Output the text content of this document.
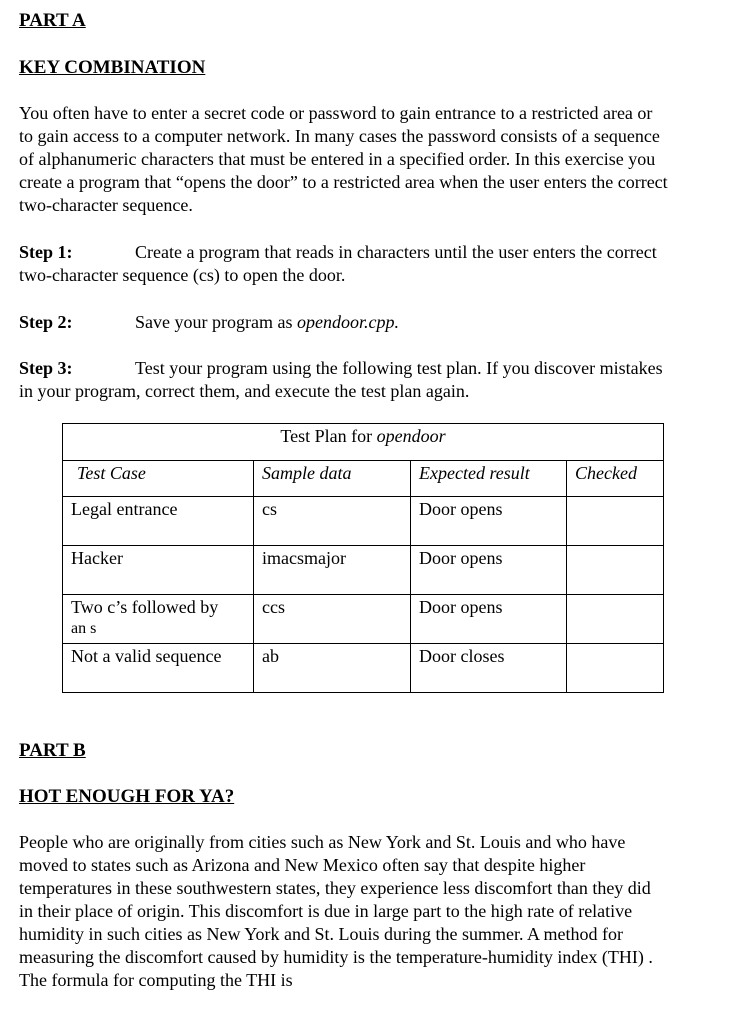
PART A
KEY COMBINATION
You often have to enter a secret code or password to gain entrance to a restricted area or
to gain access to a computer network. In many cases the password consists of a sequence
of alphanumeric characters that must be entered in a specified order. In this exercise you
create a program that “opens the door” to a restricted area when the user enters the correct
two-character sequence.
Step 1:	Create a program that reads in characters until the user enters the correct
two-character sequence (cs) to open the door.
Step 2:	Save your program as opendoor.cpp.
Step 3:	Test your program using the following test plan. If you discover mistakes
in your program, correct them, and execute the test plan again.
Test Plan for opendoor			
Test Case	Sample data	Expected result	Checked
Legal entrance	cs	Door opens	
Hacker	imacsmajor	Door opens	
Two c’s followed by
an s	ccs	Door opens	
Not a valid sequence	ab	Door closes	
PART B
HOT ENOUGH FOR YA?
People who are originally from cities such as New York and St. Louis and who have
moved to states such as Arizona and New Mexico often say that despite higher
temperatures in these southwestern states, they experience less discomfort than they did
in their place of origin. This discomfort is due in large part to the high rate of relative
humidity in such cities as New York and St. Louis during the summer. A method for
measuring the discomfort caused by humidity is the temperature-humidity index (THI) .
The formula for computing the THI is
